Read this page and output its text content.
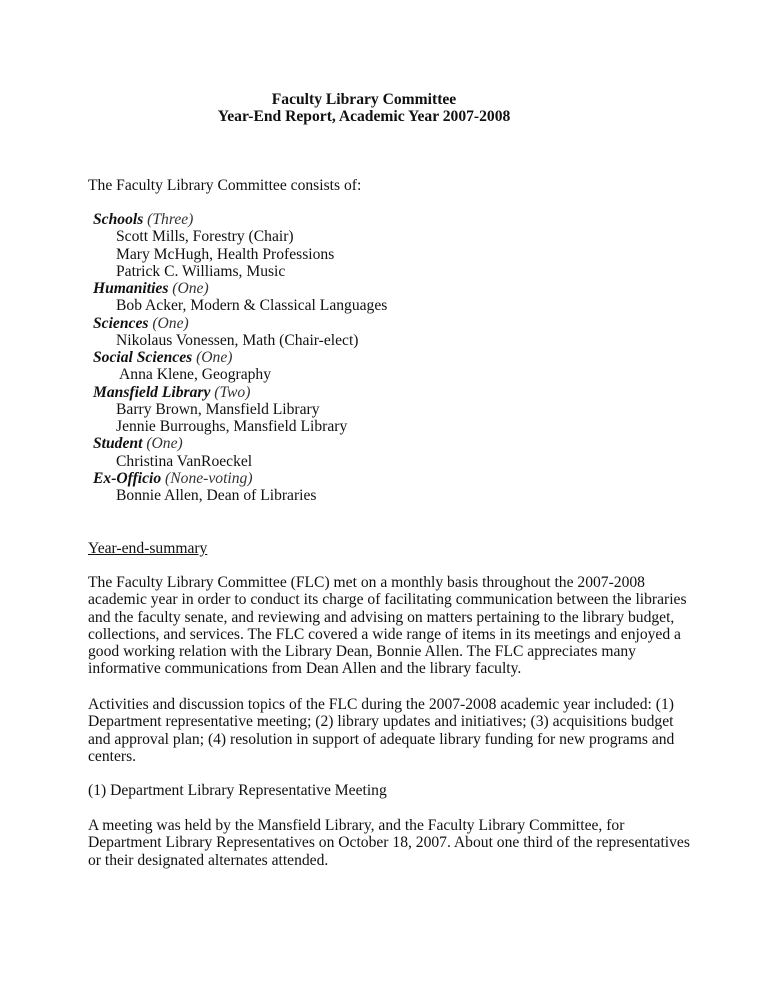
Faculty Library Committee
Year-End Report, Academic Year 2007-2008
The Faculty Library Committee consists of:
Schools (Three)
Scott Mills, Forestry (Chair)
Mary McHugh, Health Professions
Patrick C. Williams, Music
Humanities (One)
Bob Acker, Modern & Classical Languages
Sciences (One)
Nikolaus Vonessen, Math (Chair-elect)
Social Sciences (One)
Anna Klene, Geography
Mansfield Library (Two)
Barry Brown, Mansfield Library
Jennie Burroughs, Mansfield Library
Student (One)
Christina VanRoeckel
Ex-Officio (None-voting)
Bonnie Allen, Dean of Libraries
Year-end-summary
The Faculty Library Committee (FLC) met on a monthly basis throughout the 2007-2008
academic year in order to conduct its charge of facilitating communication between the libraries
and the faculty senate, and reviewing and advising on matters pertaining to the library budget,
collections, and services. The FLC covered a wide range of items in its meetings and enjoyed a
good working relation with the Library Dean, Bonnie Allen. The FLC appreciates many
informative communications from Dean Allen and the library faculty.
Activities and discussion topics of the FLC during the 2007-2008 academic year included: (1)
Department representative meeting; (2) library updates and initiatives; (3) acquisitions budget
and approval plan; (4) resolution in support of adequate library funding for new programs and
centers.
(1) Department Library Representative Meeting
A meeting was held by the Mansfield Library, and the Faculty Library Committee, for
Department Library Representatives on October 18, 2007. About one third of the representatives
or their designated alternates attended.
